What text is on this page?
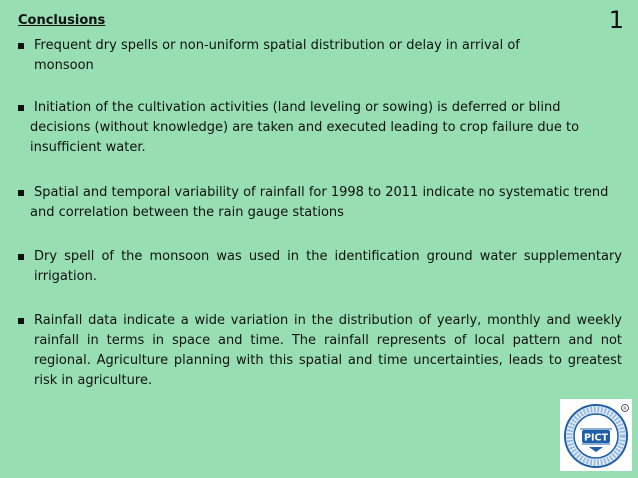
Conclusions	1
Frequent dry spells or non-uniform spatial distribution or delay in arrival of monsoon
Initiation of the cultivation activities (land leveling or sowing) is deferred or blind decisions (without knowledge) are taken and executed leading to crop failure due to insufficient water.
Spatial and temporal variability of rainfall for 1998 to 2011 indicate no systematic trend and correlation between the rain gauge stations
Dry spell of the monsoon was used in the identification ground water supplementary irrigation.
Rainfall data indicate a wide variation in the distribution of yearly, monthly and weekly rainfall in terms in space and time. The rainfall represents of local pattern and not regional. Agriculture planning with this spatial and time uncertainties, leads to greatest risk in agriculture.
PICT
R
